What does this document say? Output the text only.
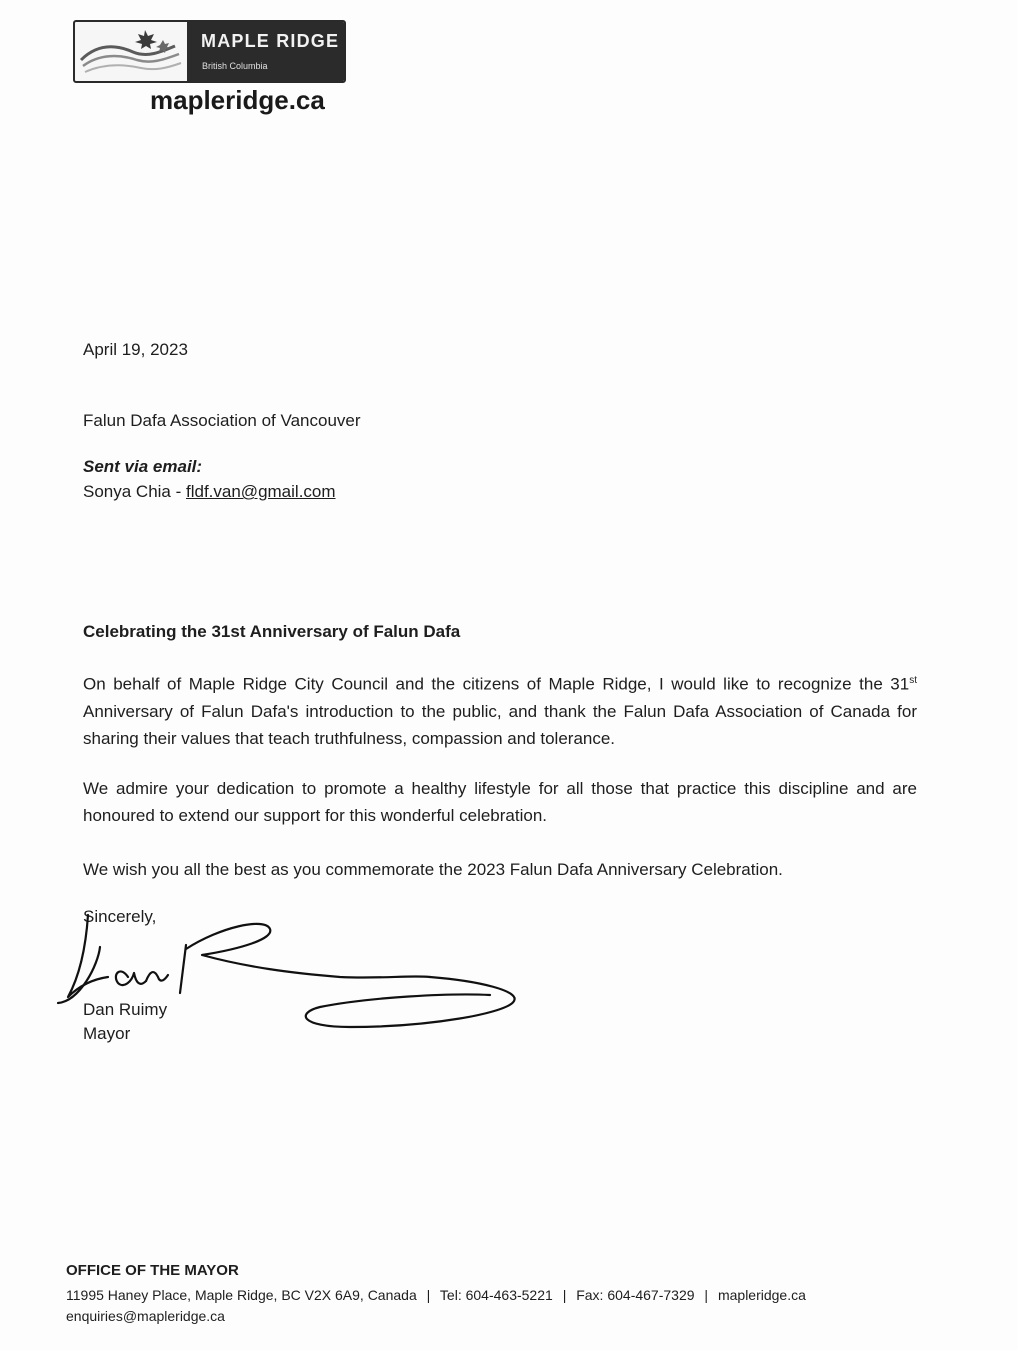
MAPLE RIDGE
British Columbia
mapleridge.ca
April 19, 2023
Falun Dafa Association of Vancouver
Sent via email:
Sonya Chia - fldf.van@gmail.com
Celebrating the 31st Anniversary of Falun Dafa
On behalf of Maple Ridge City Council and the citizens of Maple Ridge, I would like to recognize the 31st Anniversary of Falun Dafa's introduction to the public, and thank the Falun Dafa Association of Canada for sharing their values that teach truthfulness, compassion and tolerance.
We admire your dedication to promote a healthy lifestyle for all those that practice this discipline and are honoured to extend our support for this wonderful celebration.
We wish you all the best as you commemorate the 2023 Falun Dafa Anniversary Celebration.
Sincerely,
Dan Ruimy
Mayor
OFFICE OF THE MAYOR
11995 Haney Place, Maple Ridge, BC V2X 6A9, Canada | Tel: 604-463-5221 | Fax: 604-467-7329 | mapleridge.ca
enquiries@mapleridge.ca
